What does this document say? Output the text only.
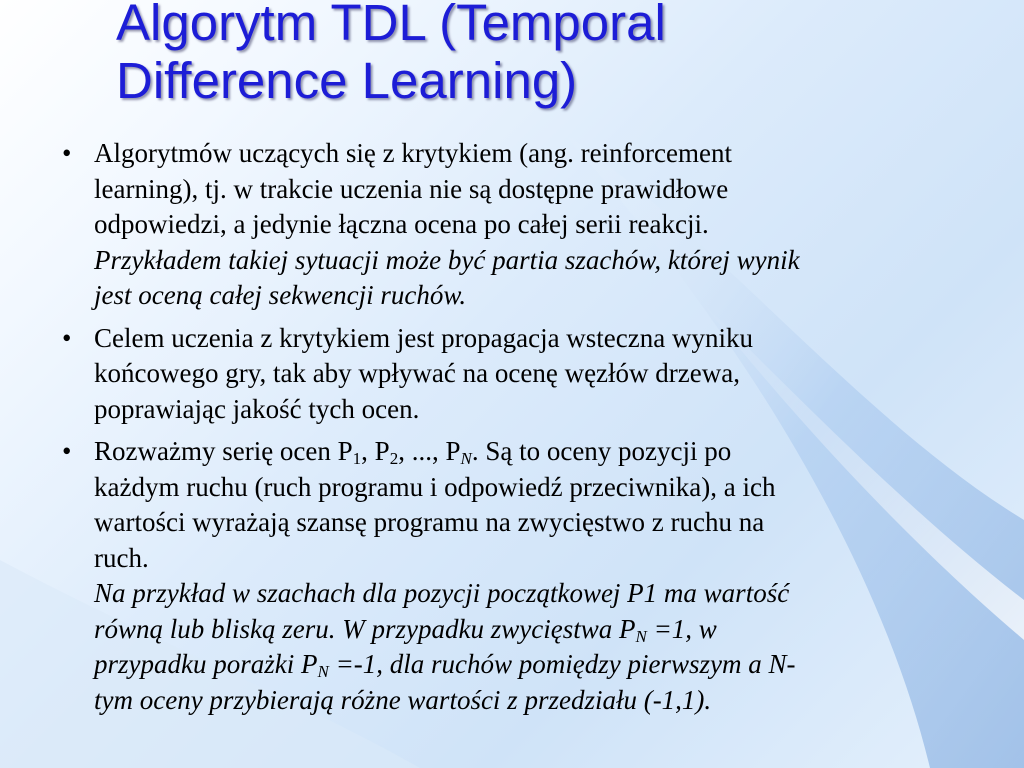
Algorytm TDL (Temporal
Difference Learning)
• Algorytmów uczących się z krytykiem (ang. reinforcement
learning), tj. w trakcie uczenia nie są dostępne prawidłowe
odpowiedzi, a jedynie łączna ocena po całej serii reakcji.
Przykładem takiej sytuacji może być partia szachów, której wynik
jest oceną całej sekwencji ruchów.
• Celem uczenia z krytykiem jest propagacja wsteczna wyniku
końcowego gry, tak aby wpływać na ocenę węzłów drzewa,
poprawiając jakość tych ocen.
• Rozważmy serię ocen $P_1$, $P_2$, ..., $P_N$. Są to oceny pozycji po
każdym ruchu (ruch programu i odpowiedź przeciwnika), a ich
wartości wyrażają szansę programu na zwycięstwo z ruchu na
ruch.
Na przykład w szachach dla pozycji początkowej P1 ma wartość
równą lub bliską zeru. W przypadku zwycięstwa $P_N =1$, w
przypadku porażki $P_N =-1$, dla ruchów pomiędzy pierwszym a N-
tym oceny przybierają różne wartości z przedziału (-1,1).
